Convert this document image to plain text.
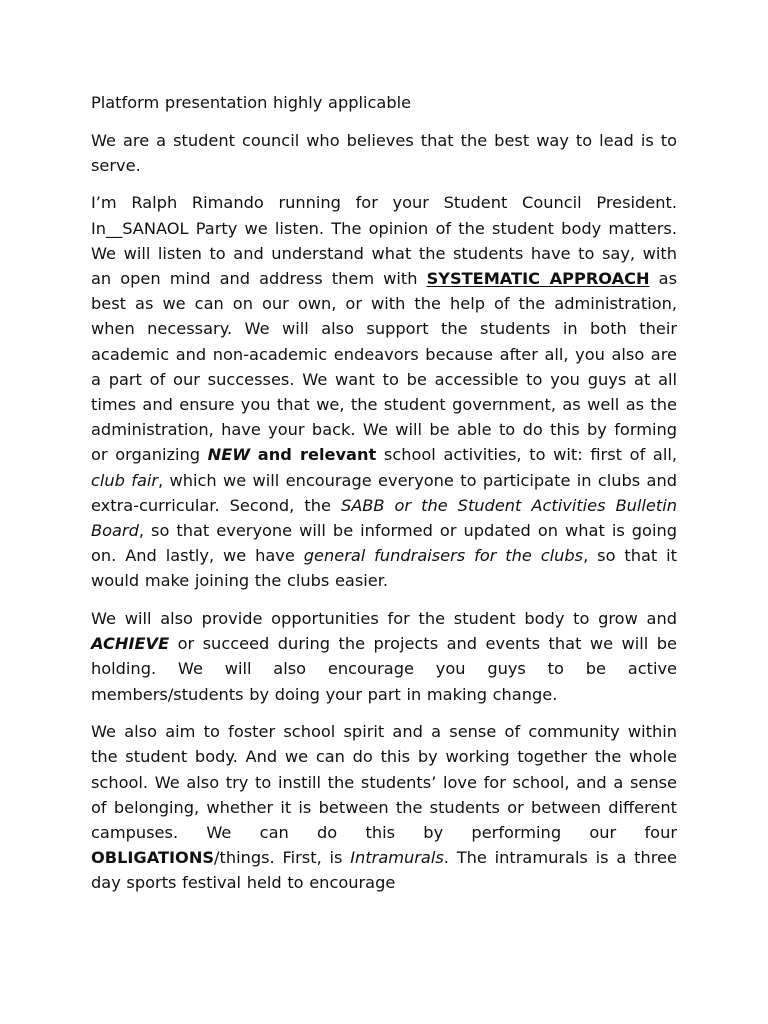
Platform presentation highly applicable

We are a student council who believes that the best way to lead is to serve.

I’m Ralph Rimando running for your Student Council President. In__SANAOL Party we listen. The opinion of the student body matters. We will listen to and understand what the students have to say, with an open mind and address them with SYSTEMATIC APPROACH as best as we can on our own, or with the help of the administration, when necessary. We will also support the students in both their academic and non-academic endeavors because after all, you also are a part of our successes. We want to be accessible to you guys at all times and ensure you that we, the student government, as well as the administration, have your back. We will be able to do this by forming or organizing NEW and relevant school activities, to wit: first of all, club fair, which we will encourage everyone to participate in clubs and extra-curricular. Second, the SABB or the Student Activities Bulletin Board, so that everyone will be informed or updated on what is going on. And lastly, we have general fundraisers for the clubs, so that it would make joining the clubs easier.

We will also provide opportunities for the student body to grow and ACHIEVE or succeed during the projects and events that we will be holding. We will also encourage you guys to be active members/students by doing your part in making change.

We also aim to foster school spirit and a sense of community within the student body. And we can do this by working together the whole school. We also try to instill the students’ love for school, and a sense of belonging, whether it is between the students or between different campuses. We can do this by performing our four OBLIGATIONS/things. First, is Intramurals. The intramurals is a three day sports festival held to encourage
